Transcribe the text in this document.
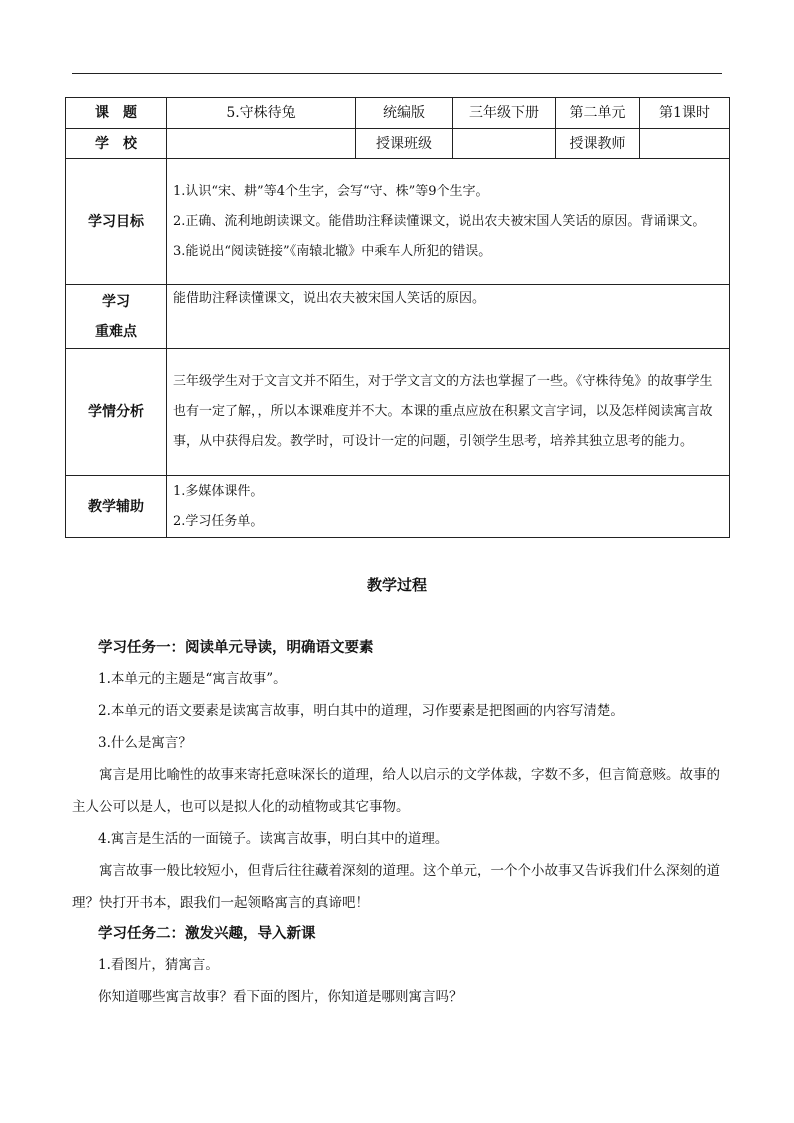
课　题	5.守株待兔	统编版	三年级下册	第二单元	第1课时
学　校		授课班级		授课教师	
学习目标	1.认识“宋、耕”等4个生字，会写“守、株”等9个生字。

2.正确、流利地朗读课文。能借助注释读懂课文，说出农夫被宋国人笑话的原因。背诵课文。

3.能说出“阅读链接”《南辕北辙》中乘车人所犯的错误。				

学习
重难点	能借助注释读懂课文，说出农夫被宋国人笑话的原因。				
学情分析	三年级学生对于文言文并不陌生，对于学文言文的方法也掌握了一些。《守株待兔》的故事学生也有一定了解，，所以本课难度并不大。本课的重点应放在积累文言字词，以及怎样阅读寓言故事，从中获得启发。教学时，可设计一定的问题，引领学生思考，培养其独立思考的能力。				
教学辅助	1.多媒体课件。

2.学习任务单。				

教学过程

学习任务一：阅读单元导读，明确语文要素

1.本单元的主题是“寓言故事”。

2.本单元的语文要素是读寓言故事，明白其中的道理，习作要素是把图画的内容写清楚。

3.什么是寓言？

寓言是用比喻性的故事来寄托意味深长的道理，给人以启示的文学体裁，字数不多，但言简意赅。故事的主人公可以是人，也可以是拟人化的动植物或其它事物。

4.寓言是生活的一面镜子。读寓言故事，明白其中的道理。

寓言故事一般比较短小，但背后往往藏着深刻的道理。这个单元，一个个小故事又告诉我们什么深刻的道理？快打开书本，跟我们一起领略寓言的真谛吧！

学习任务二：激发兴趣，导入新课

1.看图片，猜寓言。

你知道哪些寓言故事？看下面的图片，你知道是哪则寓言吗？
